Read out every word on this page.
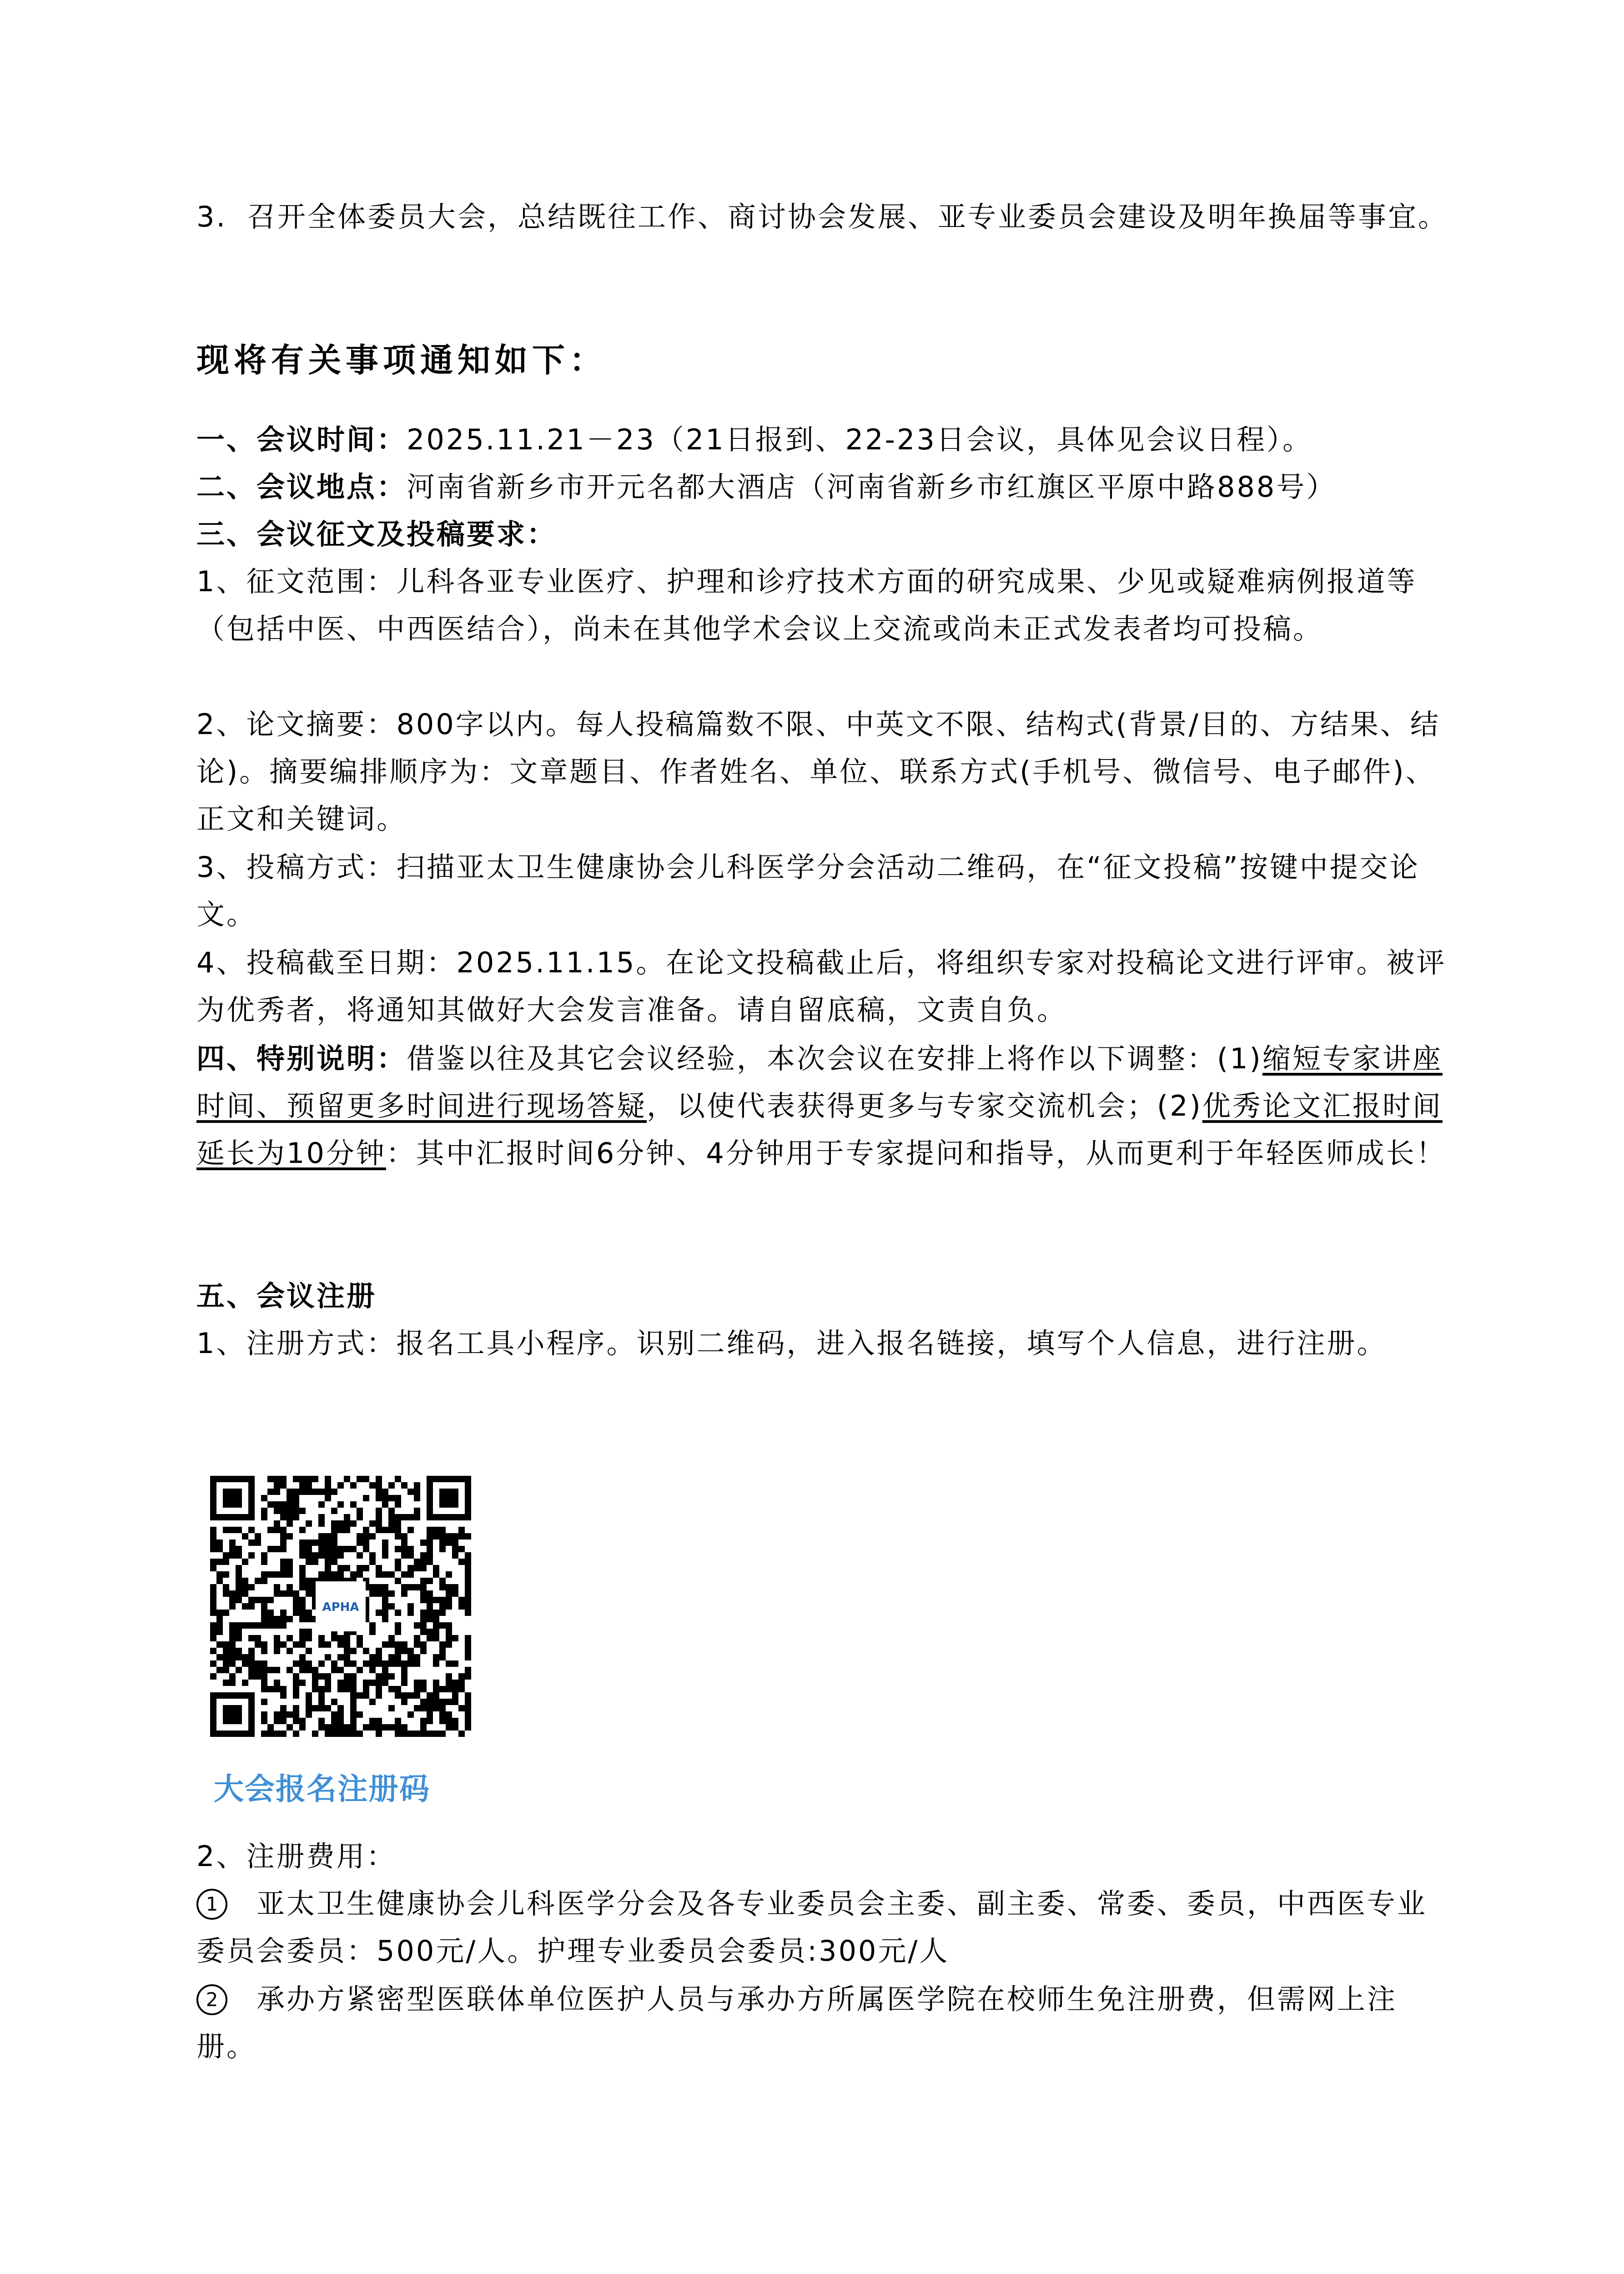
3. 召开全体委员大会，总结既往工作、商讨协会发展、亚专业委员会建设及明年换届等事宜。

现将有关事项通知如下：

一、会议时间：2025.11.21－23（21日报到、22-23日会议，具体见会议日程）。

二、会议地点：河南省新乡市开元名都大酒店（河南省新乡市红旗区平原中路888号）

三、会议征文及投稿要求：

1、征文范围：儿科各亚专业医疗、护理和诊疗技术方面的研究成果、少见或疑难病例报道等（包括中医、中西医结合），尚未在其他学术会议上交流或尚未正式发表者均可投稿。

2、论文摘要：800字以内。每人投稿篇数不限、中英文不限、结构式(背景/目的、方结果、结论)。摘要编排顺序为：文章题目、作者姓名、单位、联系方式(手机号、微信号、电子邮件)、正文和关键词。

3、投稿方式：扫描亚太卫生健康协会儿科医学分会活动二维码，在“征文投稿”按键中提交论文。

4、投稿截至日期：2025.11.15。在论文投稿截止后，将组织专家对投稿论文进行评审。被评为优秀者，将通知其做好大会发言准备。请自留底稿，文责自负。

四、特别说明：借鉴以往及其它会议经验，本次会议在安排上将作以下调整：(1)缩短专家讲座时间、预留更多时间进行现场答疑，以使代表获得更多与专家交流机会；(2)优秀论文汇报时间延长为10分钟：其中汇报时间6分钟、4分钟用于专家提问和指导，从而更利于年轻医师成长！

五、会议注册

1、注册方式：报名工具小程序。识别二维码，进入报名链接，填写个人信息，进行注册。

APHA

大会报名注册码

2、注册费用：

1 亚太卫生健康协会儿科医学分会及各专业委员会主委、副主委、常委、委员，中西医专业委员会委员：500元/人。护理专业委员会委员:300元/人

2 承办方紧密型医联体单位医护人员与承办方所属医学院在校师生免注册费，但需网上注册。
